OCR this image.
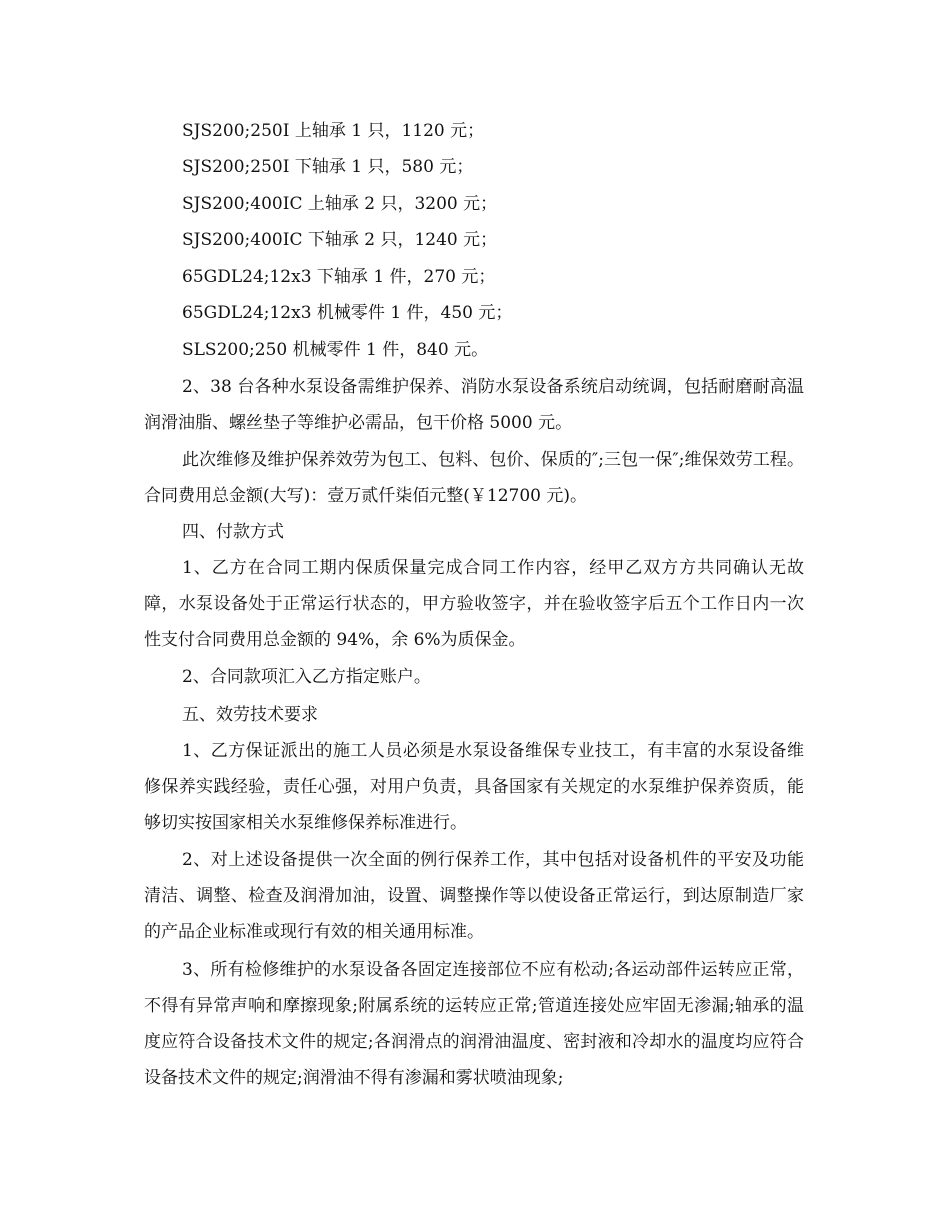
SJS200;250I 上轴承 1 只，1120 元；
SJS200;250I 下轴承 1 只，580 元；
SJS200;400IC 上轴承 2 只，3200 元；
SJS200;400IC 下轴承 2 只，1240 元；
65GDL24;12x3 下轴承 1 件，270 元；
65GDL24;12x3 机械零件 1 件，450 元；
SLS200;250 机械零件 1 件，840 元。

2、38 台各种水泵设备需维护保养、消防水泵设备系统启动统调，包括耐磨耐高温润滑油脂、螺丝垫子等维护必需品，包干价格 5000 元。

此次维修及维护保养效劳为包工、包料、包价、保质的″;三包一保″;维保效劳工程。合同费用总金额(大写)：壹万贰仟柒佰元整(￥12700 元)。

四、付款方式

1、乙方在合同工期内保质保量完成合同工作内容，经甲乙双方方共同确认无故障，水泵设备处于正常运行状态的，甲方验收签字，并在验收签字后五个工作日内一次性支付合同费用总金额的 94%，余 6%为质保金。

2、合同款项汇入乙方指定账户。

五、效劳技术要求

1、乙方保证派出的施工人员必须是水泵设备维保专业技工，有丰富的水泵设备维修保养实践经验，责任心强，对用户负责，具备国家有关规定的水泵维护保养资质，能够切实按国家相关水泵维修保养标准进行。

2、对上述设备提供一次全面的例行保养工作，其中包括对设备机件的平安及功能清洁、调整、检查及润滑加油，设置、调整操作等以使设备正常运行，到达原制造厂家的产品企业标准或现行有效的相关通用标准。

3、所有检修维护的水泵设备各固定连接部位不应有松动;各运动部件运转应正常，不得有异常声响和摩擦现象;附属系统的运转应正常;管道连接处应牢固无渗漏;轴承的温度应符合设备技术文件的规定;各润滑点的润滑油温度、密封液和冷却水的温度均应符合设备技术文件的规定;润滑油不得有渗漏和雾状喷油现象;
